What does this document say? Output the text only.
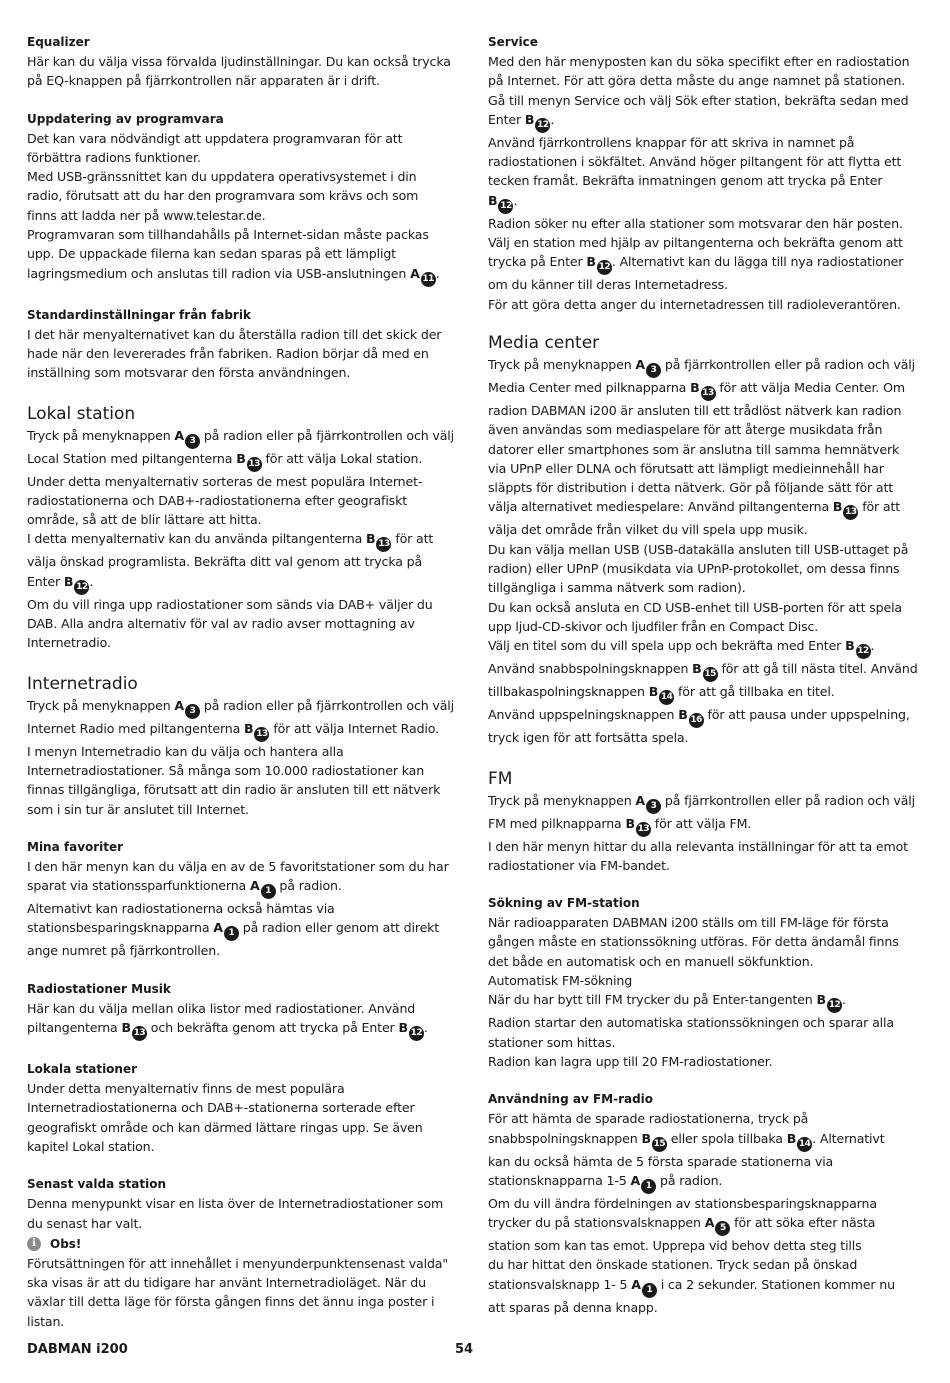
Equalizer

Här kan du välja vissa förvalda ljudinställningar. Du kan också trycka

på EQ-knappen på fjärrkontrollen när apparaten är i drift.

Uppdatering av programvara

Det kan vara nödvändigt att uppdatera programvaran för att

förbättra radions funktioner.

Med USB-gränssnittet kan du uppdatera operativsystemet i din

radio, förutsatt att du har den programvara som krävs och som

finns att ladda ner på www.telestar.de.

Programvaran som tillhandahålls på Internet-sidan måste packas

upp. De uppackade filerna kan sedan sparas på ett lämpligt

lagringsmedium och anslutas till radion via USB-anslutningen A 11 .

Standardinställningar från fabrik

I det här menyalternativet kan du återställa radion till det skick der

hade när den levererades från fabriken. Radion börjar då med en

inställning som motsvarar den första användningen.

Lokal station

Tryck på menyknappen A 3 på radion eller på fjärrkontrollen och välj

Local Station med piltangenterna B 13 för att välja Lokal station.

Under detta menyalternativ sorteras de mest populära Internet-

radiostationerna och DAB+-radiostationerna efter geografiskt

område, så att de blir lättare att hitta.

I detta menyalternativ kan du använda piltangenterna B 13 för att

välja önskad programlista. Bekräfta ditt val genom att trycka på

Enter B 12 .

Om du vill ringa upp radiostationer som sänds via DAB+ väljer du

DAB. Alla andra alternativ för val av radio avser mottagning av

Internetradio.

Internetradio

Tryck på menyknappen A 3 på radion eller på fjärrkontrollen och välj

Internet Radio med piltangenterna B 13 för att välja Internet Radio.

I menyn Internetradio kan du välja och hantera alla

Internetradiostationer. Så många som 10.000 radiostationer kan

finnas tillgängliga, förutsatt att din radio är ansluten till ett nätverk

som i sin tur är anslutet till Internet.

Mina favoriter

I den här menyn kan du välja en av de 5 favoritstationer som du har

sparat via stationssparfunktionerna A 1 på radion.

Alternativt kan radiostationerna också hämtas via

stationsbesparingsknapparna A 1 på radion eller genom att direkt

ange numret på fjärrkontrollen.

Radiostationer Musik

Här kan du välja mellan olika listor med radiostationer. Använd

piltangenterna B 13 och bekräfta genom att trycka på Enter B 12 .

Lokala stationer

Under detta menyalternativ finns de mest populära

Internetradiostationerna och DAB+-stationerna sorterade efter

geografiskt område och kan därmed lättare ringas upp. Se även

kapitel Lokal station.

Senast valda station

Denna menypunkt visar en lista över de Internetradiostationer som

du senast har valt.

i	Obs!

Förutsättningen för att innehållet i menyunderpunktensenast valda"

ska visas är att du tidigare har använt Internetradioläget. När du

växlar till detta läge för första gången finns det ännu inga poster i

listan.

Service

Med den här menyposten kan du söka specifikt efter en radiostation

på Internet. För att göra detta måste du ange namnet på stationen.

Gå till menyn Service och välj Sök efter station, bekräfta sedan med

Enter B 12 .

Använd fjärrkontrollens knappar för att skriva in namnet på

radiostationen i sökfältet. Använd höger piltangent för att flytta ett

tecken framåt. Bekräfta inmatningen genom att trycka på Enter

B 12 .

Radion söker nu efter alla stationer som motsvarar den här posten.

Välj en station med hjälp av piltangenterna och bekräfta genom att

trycka på Enter B 12 . Alternativt kan du lägga till nya radiostationer

om du känner till deras Internetadress.

För att göra detta anger du internetadressen till radioleverantören.

Media center

Tryck på menyknappen A 3 på fjärrkontrollen eller på radion och välj

Media Center med pilknapparna B 13 för att välja Media Center. Om

radion DABMAN i200 är ansluten till ett trådlöst nätverk kan radion

även användas som mediaspelare för att återge musikdata från

datorer eller smartphones som är anslutna till samma hemnätverk

via UPnP eller DLNA och förutsatt att lämpligt medieinnehåll har

släppts för distribution i detta nätverk. Gör på följande sätt för att

välja alternativet mediespelare: Använd piltangenterna B 13 för att

välja det område från vilket du vill spela upp musik.

Du kan välja mellan USB (USB-datakälla ansluten till USB-uttaget på

radion) eller UPnP (musikdata via UPnP-protokollet, om dessa finns

tillgängliga i samma nätverk som radion).

Du kan också ansluta en CD USB-enhet till USB-porten för att spela

upp ljud-CD-skivor och ljudfiler från en Compact Disc.

Välj en titel som du vill spela upp och bekräfta med Enter B 12 .

Använd snabbspolningsknappen B 15 för att gå till nästa titel. Använd

tillbakaspolningsknappen B 14 för att gå tillbaka en titel.

Använd uppspelningsknappen B 16 för att pausa under uppspelning,

tryck igen för att fortsätta spela.

FM

Tryck på menyknappen A 3 på fjärrkontrollen eller på radion och välj

FM med pilknapparna B 13 för att välja FM.

I den här menyn hittar du alla relevanta inställningar för att ta emot

radiostationer via FM-bandet.

Sökning av FM-station

När radioapparaten DABMAN i200 ställs om till FM-läge för första

gången måste en stationssökning utföras. För detta ändamål finns

det både en automatisk och en manuell sökfunktion.

Automatisk FM-sökning

När du har bytt till FM trycker du på Enter-tangenten B 12 .

Radion startar den automatiska stationssökningen och sparar alla

stationer som hittas.

Radion kan lagra upp till 20 FM-radiostationer.

Användning av FM-radio

För att hämta de sparade radiostationerna, tryck på

snabbspolningsknappen B 15 eller spola tillbaka B 14 . Alternativt

kan du också hämta de 5 första sparade stationerna via

stationsknapparna 1-5 A 1 på radion.

Om du vill ändra fördelningen av stationsbesparingsknapparna

trycker du på stationsvalsknappen A 5 för att söka efter nästa

station som kan tas emot. Upprepa vid behov detta steg tills

du har hittat den önskade stationen. Tryck sedan på önskad

stationsvalsknapp 1- 5 A 1 i ca 2 sekunder. Stationen kommer nu

att sparas på denna knapp.

DABMAN i200	54
